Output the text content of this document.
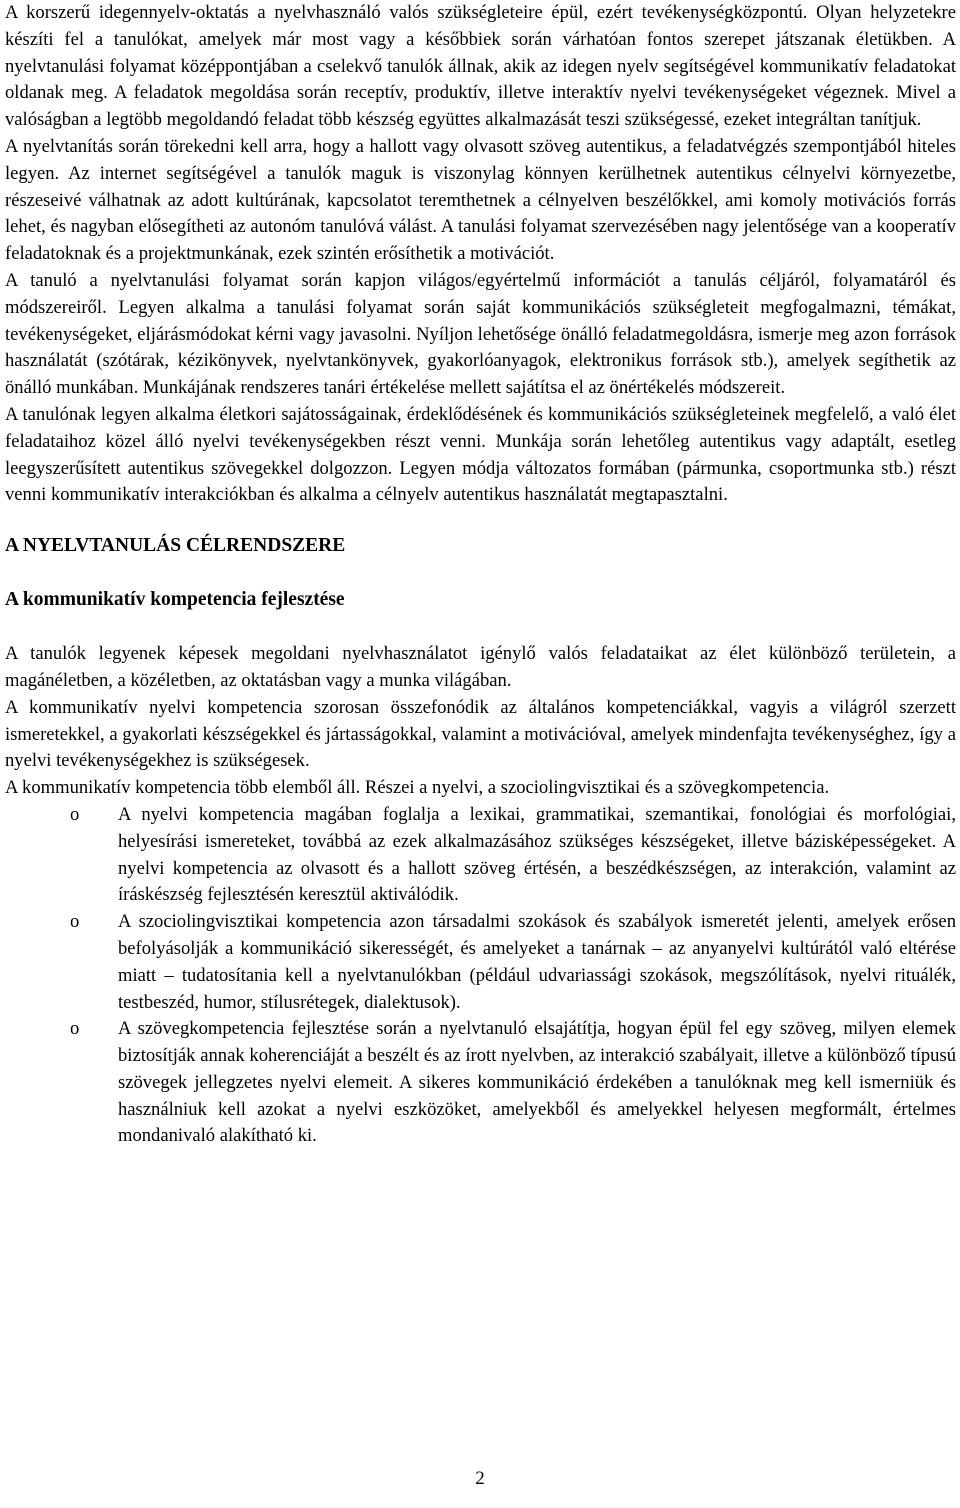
A korszerű idegennyelv-oktatás a nyelvhasználó valós szükségleteire épül, ezért tevékenységközpontú. Olyan helyzetekre készíti fel a tanulókat, amelyek már most vagy a későbbiek során várhatóan fontos szerepet játszanak életükben. A nyelvtanulási folyamat középpontjában a cselekvő tanulók állnak, akik az idegen nyelv segítségével kommunikatív feladatokat oldanak meg. A feladatok megoldása során receptív, produktív, illetve interaktív nyelvi tevékenységeket végeznek. Mivel a valóságban a legtöbb megoldandó feladat több készség együttes alkalmazását teszi szükségessé, ezeket integráltan tanítjuk.

A nyelvtanítás során törekedni kell arra, hogy a hallott vagy olvasott szöveg autentikus, a feladatvégzés szempontjából hiteles legyen. Az internet segítségével a tanulók maguk is viszonylag könnyen kerülhetnek autentikus célnyelvi környezetbe, részeseivé válhatnak az adott kultúrának, kapcsolatot teremthetnek a célnyelven beszélőkkel, ami komoly motivációs forrás lehet, és nagyban elősegítheti az autonóm tanulóvá válást. A tanulási folyamat szervezésében nagy jelentősége van a kooperatív feladatoknak és a projektmunkának, ezek szintén erősíthetik a motivációt.

A tanuló a nyelvtanulási folyamat során kapjon világos/egyértelmű információt a tanulás céljáról, folyamatáról és módszereiről. Legyen alkalma a tanulási folyamat során saját kommunikációs szükségleteit megfogalmazni, témákat, tevékenységeket, eljárásmódokat kérni vagy javasolni. Nyíljon lehetősége önálló feladatmegoldásra, ismerje meg azon források használatát (szótárak, kézikönyvek, nyelvtankönyvek, gyakorlóanyagok, elektronikus források stb.), amelyek segíthetik az önálló munkában. Munkájának rendszeres tanári értékelése mellett sajátítsa el az önértékelés módszereit.

A tanulónak legyen alkalma életkori sajátosságainak, érdeklődésének és kommunikációs szükségleteinek megfelelő, a való élet feladataihoz közel álló nyelvi tevékenységekben részt venni. Munkája során lehetőleg autentikus vagy adaptált, esetleg leegyszerűsített autentikus szövegekkel dolgozzon. Legyen módja változatos formában (pármunka, csoportmunka stb.) részt venni kommunikatív interakciókban és alkalma a célnyelv autentikus használatát megtapasztalni.

A NYELVTANULÁS CÉLRENDSZERE
A kommunikatív kompetencia fejlesztése

A tanulók legyenek képesek megoldani nyelvhasználatot igénylő valós feladataikat az élet különböző területein, a magánéletben, a közéletben, az oktatásban vagy a munka világában.

A kommunikatív nyelvi kompetencia szorosan összefonódik az általános kompetenciákkal, vagyis a világról szerzett ismeretekkel, a gyakorlati készségekkel és jártasságokkal, valamint a motivációval, amelyek mindenfajta tevékenységhez, így a nyelvi tevékenységekhez is szükségesek.

A kommunikatív kompetencia több elemből áll. Részei a nyelvi, a szociolingvisztikai és a szövegkompetencia.

o A nyelvi kompetencia magában foglalja a lexikai, grammatikai, szemantikai, fonológiai és morfológiai, helyesírási ismereteket, továbbá az ezek alkalmazásához szükséges készségeket, illetve bázisképességeket. A nyelvi kompetencia az olvasott és a hallott szöveg értésén, a beszédkészségen, az interakción, valamint az íráskészség fejlesztésén keresztül aktiválódik.
o A szociolingvisztikai kompetencia azon társadalmi szokások és szabályok ismeretét jelenti, amelyek erősen befolyásolják a kommunikáció sikerességét, és amelyeket a tanárnak – az anyanyelvi kultúrától való eltérése miatt – tudatosítania kell a nyelvtanulókban (például udvariassági szokások, megszólítások, nyelvi rituálék, testbeszéd, humor, stílusrétegek, dialektusok).
o A szövegkompetencia fejlesztése során a nyelvtanuló elsajátítja, hogyan épül fel egy szöveg, milyen elemek biztosítják annak koherenciáját a beszélt és az írott nyelvben, az interakció szabályait, illetve a különböző típusú szövegek jellegzetes nyelvi elemeit. A sikeres kommunikáció érdekében a tanulóknak meg kell ismerniük és használniuk kell azokat a nyelvi eszközöket, amelyekből és amelyekkel helyesen megformált, értelmes mondanivaló alakítható ki.
2
